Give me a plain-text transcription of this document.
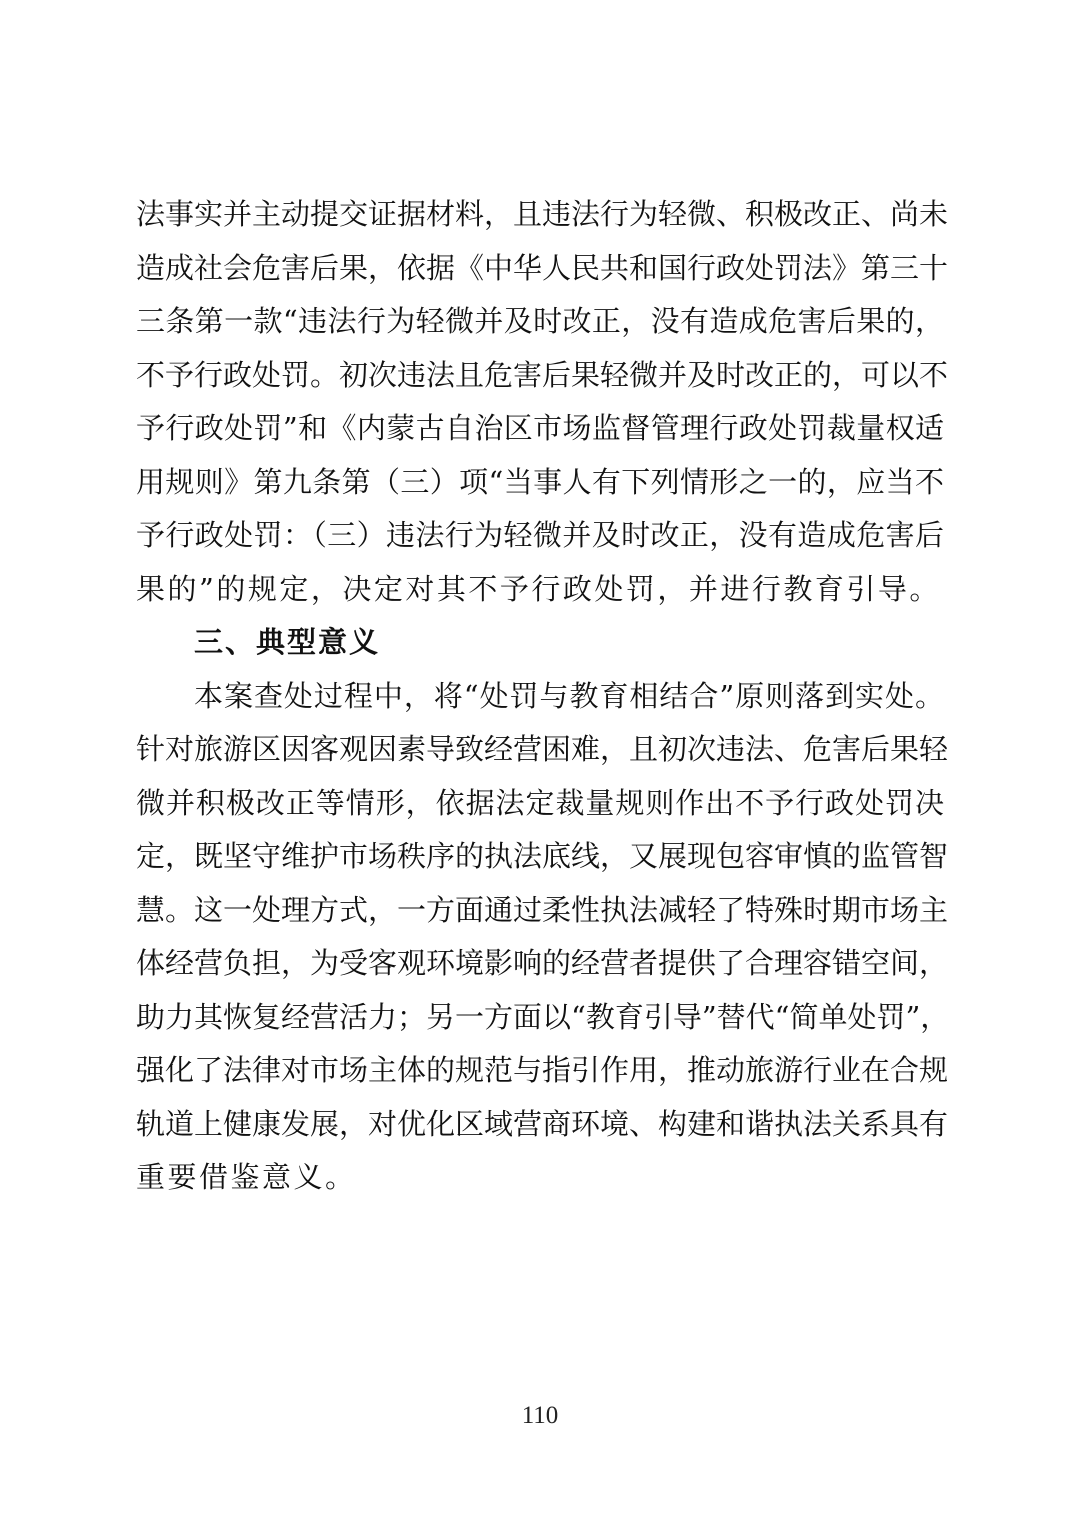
法事实并主动提交证据材料，且违法行为轻微、积极改正、尚未
造成社会危害后果，依据《中华人民共和国行政处罚法》第三十
三条第一款“违法行为轻微并及时改正，没有造成危害后果的，
不予行政处罚。初次违法且危害后果轻微并及时改正的，可以不
予行政处罚”和《内蒙古自治区市场监督管理行政处罚裁量权适
用规则》第九条第（三）项“当事人有下列情形之一的，应当不
予行政处罚：（三）违法行为轻微并及时改正，没有造成危害后
果的”的规定，决定对其不予行政处罚，并进行教育引导。
三、典型意义
本案查处过程中，将“处罚与教育相结合”原则落到实处。
针对旅游区因客观因素导致经营困难，且初次违法、危害后果轻
微并积极改正等情形，依据法定裁量规则作出不予行政处罚决
定，既坚守维护市场秩序的执法底线，又展现包容审慎的监管智
慧。这一处理方式，一方面通过柔性执法减轻了特殊时期市场主
体经营负担，为受客观环境影响的经营者提供了合理容错空间，
助力其恢复经营活力；另一方面以“教育引导”替代“简单处罚”，
强化了法律对市场主体的规范与指引作用，推动旅游行业在合规
轨道上健康发展，对优化区域营商环境、构建和谐执法关系具有
重要借鉴意义。
110
